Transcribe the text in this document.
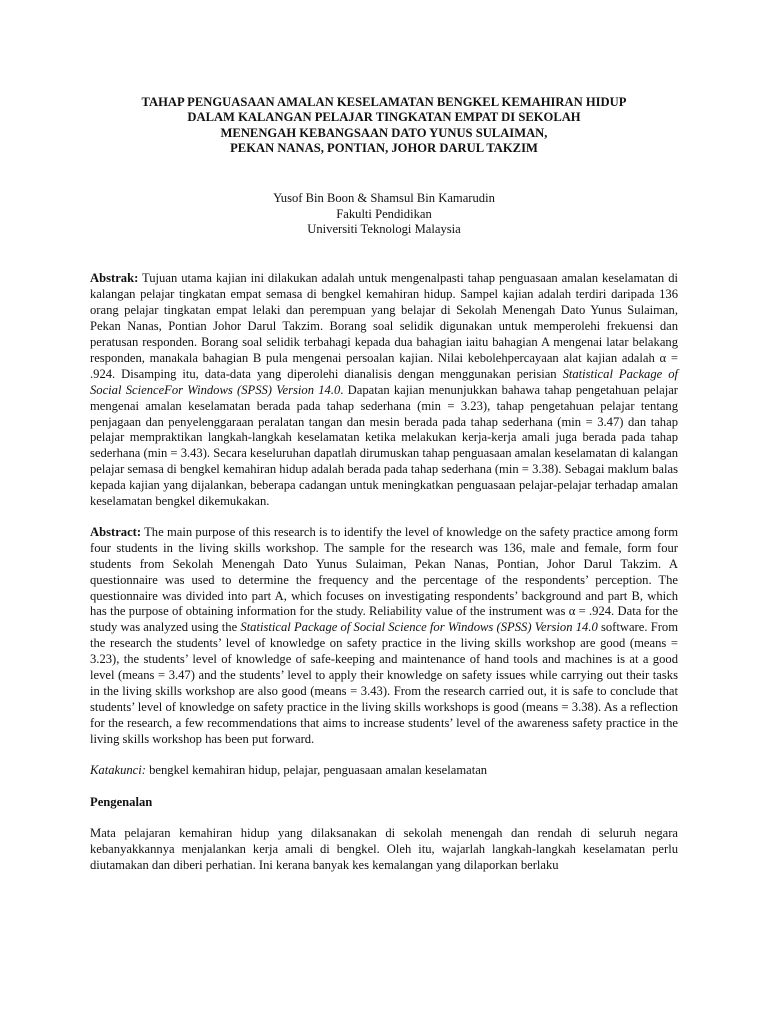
TAHAP PENGUASAAN AMALAN KESELAMATAN BENGKEL KEMAHIRAN HIDUP
DALAM KALANGAN PELAJAR TINGKATAN EMPAT DI SEKOLAH
MENENGAH KEBANGSAAN DATO YUNUS SULAIMAN,
PEKAN NANAS, PONTIAN, JOHOR DARUL TAKZIM
Yusof Bin Boon & Shamsul Bin Kamarudin
Fakulti Pendidikan
Universiti Teknologi Malaysia

Abstrak: Tujuan utama kajian ini dilakukan adalah untuk mengenalpasti tahap penguasaan amalan keselamatan di kalangan pelajar tingkatan empat semasa di bengkel kemahiran hidup. Sampel kajian adalah terdiri daripada 136 orang pelajar tingkatan empat lelaki dan perempuan yang belajar di Sekolah Menengah Dato Yunus Sulaiman, Pekan Nanas, Pontian Johor Darul Takzim. Borang soal selidik digunakan untuk memperolehi frekuensi dan peratusan responden. Borang soal selidik terbahagi kepada dua bahagian iaitu bahagian A mengenai latar belakang responden, manakala bahagian B pula mengenai persoalan kajian. Nilai kebolehpercayaan alat kajian adalah α = .924. Disamping itu, data-data yang diperolehi dianalisis dengan menggunakan perisian Statistical Package of Social ScienceFor Windows (SPSS) Version 14.0. Dapatan kajian menunjukkan bahawa tahap pengetahuan pelajar mengenai amalan keselamatan berada pada tahap sederhana (min = 3.23), tahap pengetahuan pelajar tentang penjagaan dan penyelenggaraan peralatan tangan dan mesin berada pada tahap sederhana (min = 3.47) dan tahap pelajar mempraktikan langkah-langkah keselamatan ketika melakukan kerja-kerja amali juga berada pada tahap sederhana (min = 3.43). Secara keseluruhan dapatlah dirumuskan tahap penguasaan amalan keselamatan di kalangan pelajar semasa di bengkel kemahiran hidup adalah berada pada tahap sederhana (min = 3.38). Sebagai maklum balas kepada kajian yang dijalankan, beberapa cadangan untuk meningkatkan penguasaan pelajar-pelajar terhadap amalan keselamatan bengkel dikemukakan.

Abstract: The main purpose of this research is to identify the level of knowledge on the safety practice among form four students in the living skills workshop. The sample for the research was 136, male and female, form four students from Sekolah Menengah Dato Yunus Sulaiman, Pekan Nanas, Pontian, Johor Darul Takzim. A questionnaire was used to determine the frequency and the percentage of the respondents’ perception. The questionnaire was divided into part A, which focuses on investigating respondents’ background and part B, which has the purpose of obtaining information for the study. Reliability value of the instrument was α = .924. Data for the study was analyzed using the Statistical Package of Social Science for Windows (SPSS) Version 14.0 software. From the research the students’ level of knowledge on safety practice in the living skills workshop are good (means = 3.23), the students’ level of knowledge of safe-keeping and maintenance of hand tools and machines is at a good level (means = 3.47) and the students’ level to apply their knowledge on safety issues while carrying out their tasks in the living skills workshop are also good (means = 3.43). From the research carried out, it is safe to conclude that students’ level of knowledge on safety practice in the living skills workshops is good (means = 3.38). As a reflection for the research, a few recommendations that aims to increase students’ level of the awareness safety practice in the living skills workshop has been put forward.

Katakunci: bengkel kemahiran hidup, pelajar, penguasaan amalan keselamatan

Pengenalan

Mata pelajaran kemahiran hidup yang dilaksanakan di sekolah menengah dan rendah di seluruh negara kebanyakkannya menjalankan kerja amali di bengkel. Oleh itu, wajarlah langkah-langkah keselamatan perlu diutamakan dan diberi perhatian. Ini kerana banyak kes kemalangan yang dilaporkan berlaku
